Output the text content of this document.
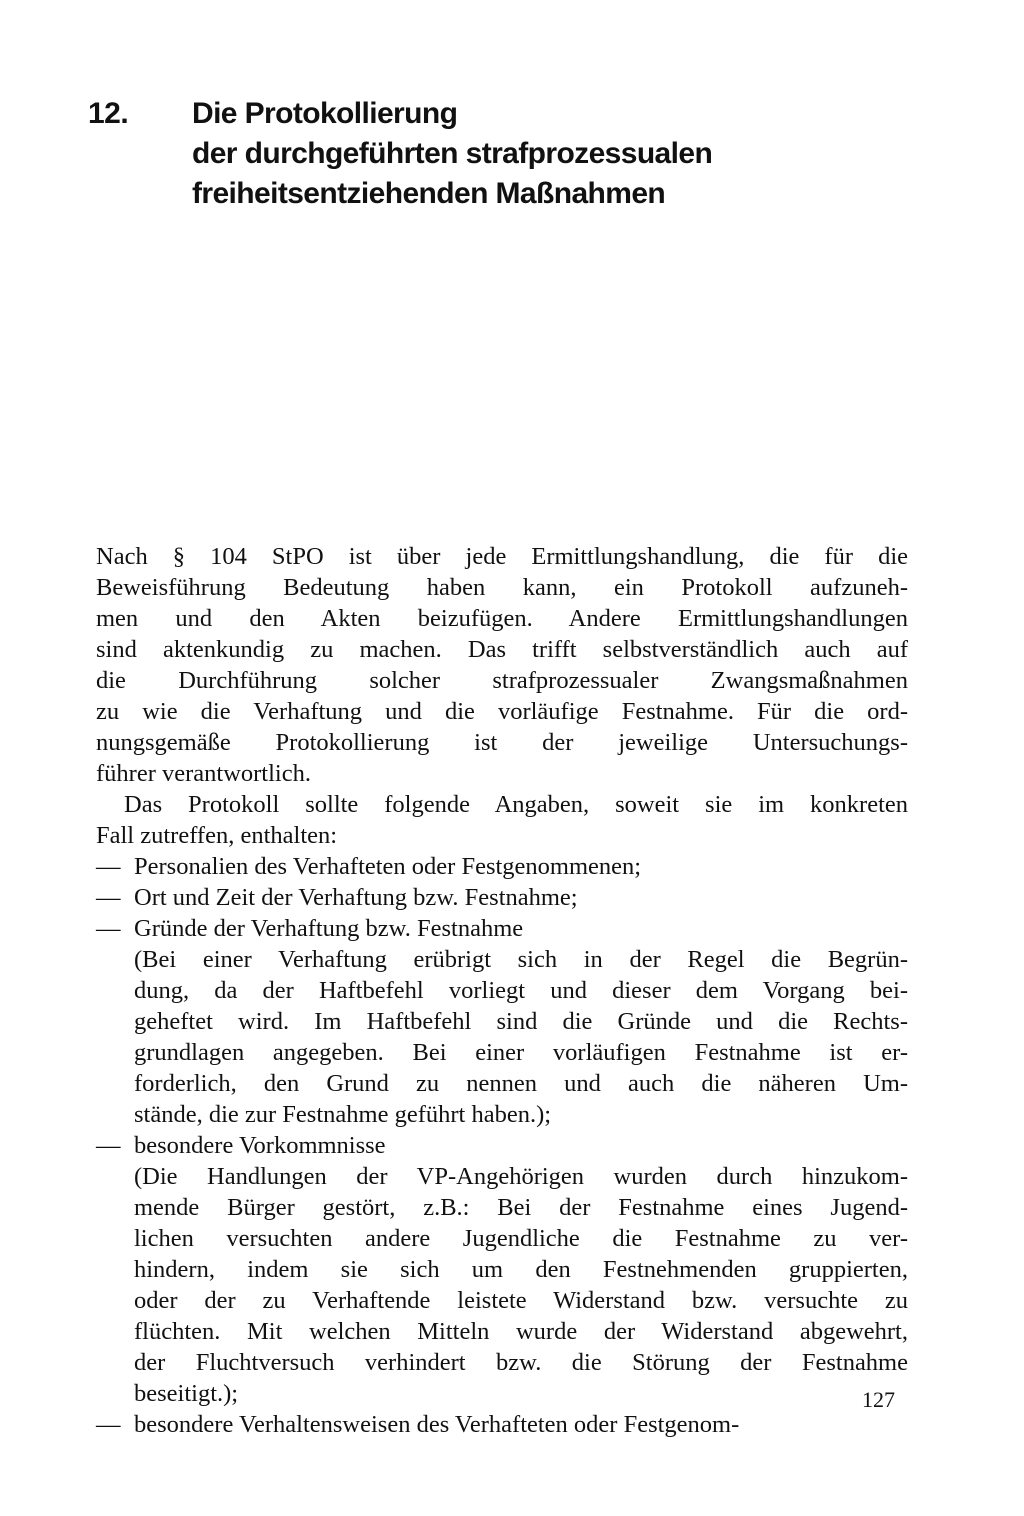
12. Die Protokollierung
der durchgeführten strafprozessualen
freiheitsentziehenden Maßnahmen

Nach § 104 StPO ist über jede Ermittlungshandlung, die für die
Beweisführung Bedeutung haben kann, ein Protokoll aufzuneh-
men und den Akten beizufügen. Andere Ermittlungshandlungen
sind aktenkundig zu machen. Das trifft selbstverständlich auch auf
die Durchführung solcher strafprozessualer Zwangsmaßnahmen
zu wie die Verhaftung und die vorläufige Festnahme. Für die ord-
nungsgemäße Protokollierung ist der jeweilige Untersuchungs-
führer verantwortlich.

Das Protokoll sollte folgende Angaben, soweit sie im konkreten
Fall zutreffen, enthalten:

— Personalien des Verhafteten oder Festgenommenen;
— Ort und Zeit der Verhaftung bzw. Festnahme;
— Gründe der Verhaftung bzw. Festnahme
(Bei einer Verhaftung erübrigt sich in der Regel die Begrün-
dung, da der Haftbefehl vorliegt und dieser dem Vorgang bei-
geheftet wird. Im Haftbefehl sind die Gründe und die Rechts-
grundlagen angegeben. Bei einer vorläufigen Festnahme ist er-
forderlich, den Grund zu nennen und auch die näheren Um-
stände, die zur Festnahme geführt haben.);
— besondere Vorkommnisse
(Die Handlungen der VP-Angehörigen wurden durch hinzukom-
mende Bürger gestört, z.B.: Bei der Festnahme eines Jugend-
lichen versuchten andere Jugendliche die Festnahme zu ver-
hindern, indem sie sich um den Festnehmenden gruppierten,
oder der zu Verhaftende leistete Widerstand bzw. versuchte zu
flüchten. Mit welchen Mitteln wurde der Widerstand abgewehrt,
der Fluchtversuch verhindert bzw. die Störung der Festnahme
beseitigt.);
— besondere Verhaltensweisen des Verhafteten oder Festgenom-
127
